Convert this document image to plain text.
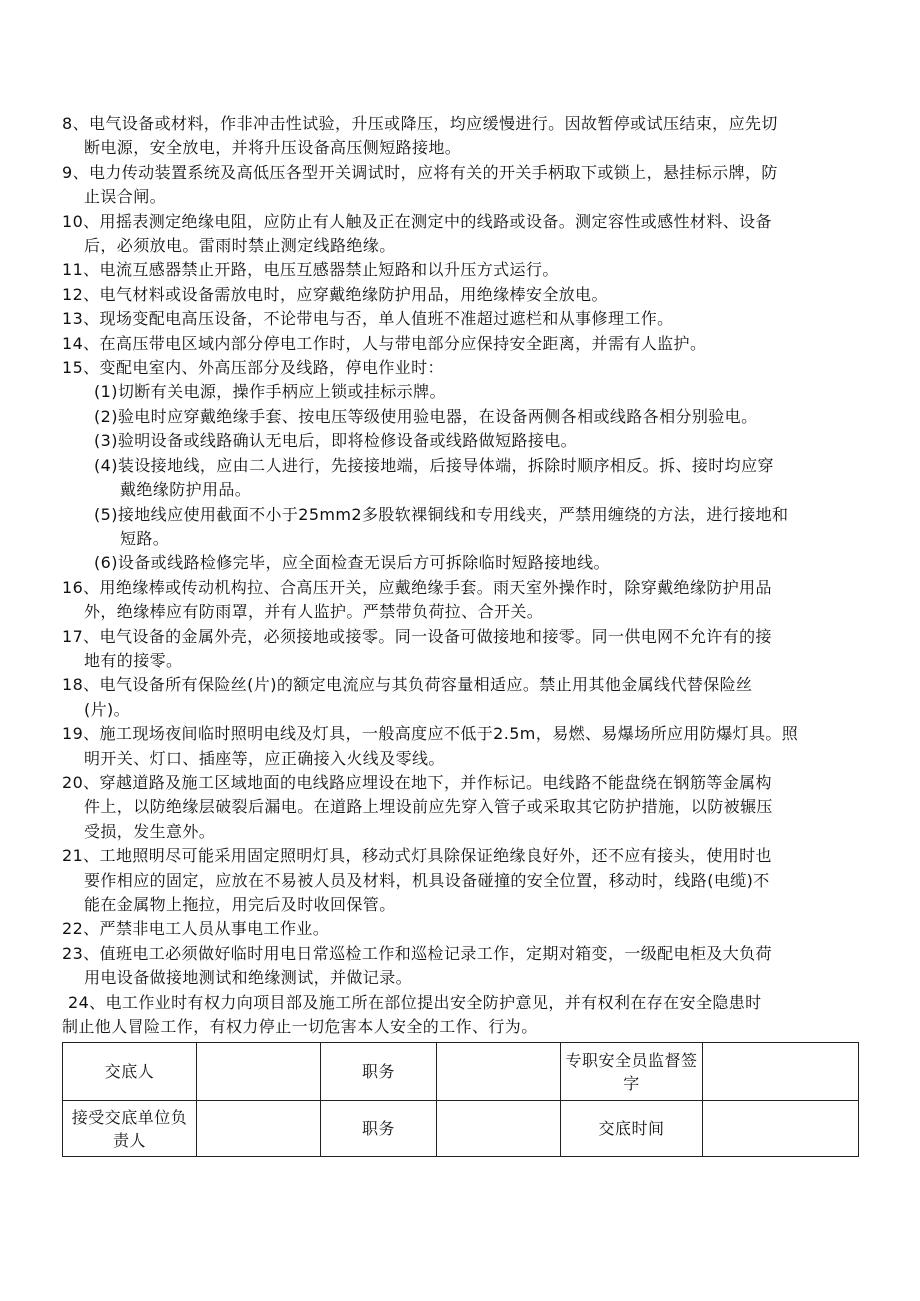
8、电气设备或材料，作非冲击性试验，升压或降压，均应缓慢进行。因故暂停或试压结束，应先切
断电源，安全放电，并将升压设备高压侧短路接地。
9、电力传动装置系统及高低压各型开关调试时，应将有关的开关手柄取下或锁上，悬挂标示牌，防
止误合闸。
10、用摇表测定绝缘电阻，应防止有人触及正在测定中的线路或设备。测定容性或感性材料、设备
后，必须放电。雷雨时禁止测定线路绝缘。
11、电流互感器禁止开路，电压互感器禁止短路和以升压方式运行。
12、电气材料或设备需放电时，应穿戴绝缘防护用品，用绝缘棒安全放电。
13、现场变配电高压设备，不论带电与否，单人值班不准超过遮栏和从事修理工作。
14、在高压带电区域内部分停电工作时，人与带电部分应保持安全距离，并需有人监护。
15、变配电室内、外高压部分及线路，停电作业时：
(1)切断有关电源，操作手柄应上锁或挂标示牌。
(2)验电时应穿戴绝缘手套、按电压等级使用验电器，在设备两侧各相或线路各相分别验电。
(3)验明设备或线路确认无电后，即将检修设备或线路做短路接电。
(4)装设接地线，应由二人进行，先接接地端，后接导体端，拆除时顺序相反。拆、接时均应穿
戴绝缘防护用品。
(5)接地线应使用截面不小于25mm2多股软裸铜线和专用线夹，严禁用缠绕的方法，进行接地和
短路。
(6)设备或线路检修完毕，应全面检查无误后方可拆除临时短路接地线。
16、用绝缘棒或传动机构拉、合高压开关，应戴绝缘手套。雨天室外操作时，除穿戴绝缘防护用品
外，绝缘棒应有防雨罩，并有人监护。严禁带负荷拉、合开关。
17、电气设备的金属外壳，必须接地或接零。同一设备可做接地和接零。同一供电网不允许有的接
地有的接零。
18、电气设备所有保险丝(片)的额定电流应与其负荷容量相适应。禁止用其他金属线代替保险丝
(片)。
19、施工现场夜间临时照明电线及灯具，一般高度应不低于2.5m，易燃、易爆场所应用防爆灯具。照
明开关、灯口、插座等，应正确接入火线及零线。
20、穿越道路及施工区域地面的电线路应埋设在地下，并作标记。电线路不能盘绕在钢筋等金属构
件上，以防绝缘层破裂后漏电。在道路上埋设前应先穿入管子或采取其它防护措施，以防被辗压
受损，发生意外。
21、工地照明尽可能采用固定照明灯具，移动式灯具除保证绝缘良好外，还不应有接头，使用时也
要作相应的固定，应放在不易被人员及材料，机具设备碰撞的安全位置，移动时，线路(电缆)不
能在金属物上拖拉，用完后及时收回保管。
22、严禁非电工人员从事电工作业。
23、值班电工必须做好临时用电日常巡检工作和巡检记录工作，定期对箱变，一级配电柜及大负荷
用电设备做接地测试和绝缘测试，并做记录。
24、电工作业时有权力向项目部及施工所在部位提出安全防护意见，并有权利在存在安全隐患时
制止他人冒险工作，有权力停止一切危害本人安全的工作、行为。
交底人		职务		专职安全员监督签字	
接受交底单位负责人		职务		交底时间	
